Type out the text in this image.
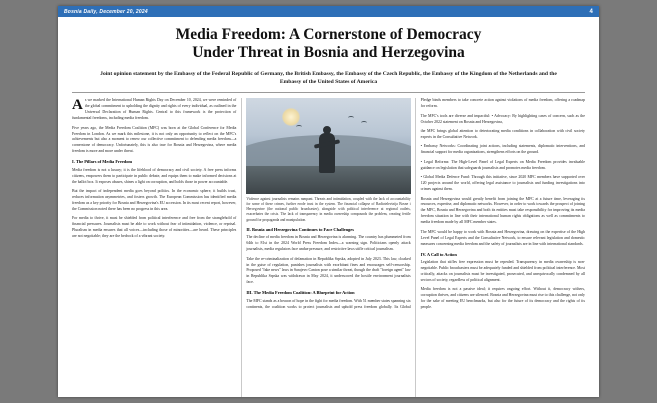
Bosnia Daily, December 20, 2024	4
Media Freedom: A Cornerstone of Democracy
Under Threat in Bosnia and Herzegovina
Joint opinion statement by the Embassy of the Federal Republic of Germany, the British Embassy, the Embassy of the Czech Republic, the Embassy of the Kingdom of the Netherlands and the Embassy of the United States of America

As we marked the International Human Rights Day on December 10, 2024, we were reminded of the global commitment to upholding the dignity and rights of every individual, as outlined in the Universal Declaration of Human Rights. Central to this framework is the protection of fundamental freedoms, including media freedom.

Five years ago, the Media Freedom Coalition (MFC) was born at the Global Conference for Media Freedom in London. As we mark this milestone, it is not only an opportunity to reflect on the MFC's achievements but also a moment to renew our collective commitment to defending media freedom—a cornerstone of democracy. Unfortunately, this is also true for Bosnia and Herzegovina, where media freedom is more and more under threat.

I. The Pillars of Media Freedom

Media freedom is not a luxury; it is the lifeblood of democracy and civil society. A free press informs citizens, empowers them to participate in public debate, and equips them to make informed decisions at the ballot box. It exposes abuses, shines a light on corruption, and holds those in power accountable.

But the impact of independent media goes beyond politics. In the economic sphere, it builds trust, reduces information asymmetries, and fosters growth. The European Commission has identified media freedom as a key priority for Bosnia and Herzegovina's EU accession. In its most recent report, however, the Commission noted there has been no progress in this area.

For media to thrive, it must be shielded from political interference and free from the stranglehold of financial pressures. Journalists must be able to work without fear of intimidation, violence, or reprisal. Pluralism in media ensures that all voices—including those of minorities—are heard. These principles are not negotiable; they are the bedrock of a vibrant society.

Violence against journalists remains rampant. Threats and intimidation, coupled with the lack of accountability for some of these crimes, further erode trust in the system. The financial collapse of Radiotelevizija Bosne i Hercegovine (the national public broadcaster), alongside with political interference at regional outlets, exacerbates the crisis. The lack of transparency in media ownership compounds the problem, creating fertile ground for propaganda and manipulation.
II. Bosnia and Herzegovina Continues to Face Challenges

The decline of media freedom in Bosnia and Herzegovina is alarming. The country has plummeted from 64th to 81st in the 2024 World Press Freedom Index—a warning sign. Politicians openly attack journalists, media regulators face undue pressure, and restrictive laws stifle critical journalism.

Take the re-criminalization of defamation in Republika Srpska, adopted in July 2023. This law, cloaked in the guise of regulation, punishes journalists with exorbitant fines and encourages self-censorship. Proposed "fake news" laws in Sarajevo Canton pose a similar threat, though the draft "foreign agent" law in Republika Srpska was withdrawn in May 2024, it underscored the hostile environment journalists face.

III. The Media Freedom Coalition: A Blueprint for Action

The MFC stands as a beacon of hope in the fight for media freedom. With 51 member states spanning six continents, the coalition works to protect journalists and uphold press freedom globally. Its Global Pledge binds members to take concrete action against violations of media freedom, offering a roadmap for reform.

The MFC's tools are diverse and impactful: • Advocacy: By highlighting cases of concern, such as the October 2022 statement on Bosnia and Herzegovina,

the MFC brings global attention to deteriorating media conditions in collaboration with civil society experts in the Consultative Network.

• Embassy Networks: Coordinating joint actions, including statements, diplomatic interventions, and financial support for media organizations, strengthens efforts on the ground.

• Legal Reforms: The High-Level Panel of Legal Experts on Media Freedom provides invaluable guidance on legislation that safeguards journalists and promotes media freedom.

• Global Media Defence Fund: Through this initiative, since 2020 MFC members have supported over 120 projects around the world, offering legal assistance to journalists and funding investigations into crimes against them.

Bosnia and Herzegovina would greatly benefit from joining the MFC at a future time, leveraging its resources, expertise, and diplomatic networks. However, in order to work towards the prospect of joining the MFC, Bosnia and Herzegovina and both its entities must take responsibility for improving its media freedom situation in line with their international human rights obligations as well as commitments to media freedom made by all MFC member states.

The MFC would be happy to work with Bosnia and Herzegovina, drawing on the expertise of the High Level Panel of Legal Experts and the Consultative Network, to ensure relevant legislation and domestic measures concerning media freedom and the safety of journalists are in line with international standards.

IV. A Call to Action

Legislation that stifles free expression must be repealed. Transparency in media ownership is non-negotiable. Public broadcasters must be adequately funded and shielded from political interference. Most critically, attacks on journalists must be investigated, prosecuted, and unequivocally condemned by all sectors of society, regardless of political alignment.

Media freedom is not a passive ideal; it requires ongoing effort. Without it, democracy withers, corruption thrives, and citizens are silenced. Bosnia and Herzegovina must rise to this challenge, not only for the sake of meeting EU benchmarks, but also for the future of its democracy and the rights of its people.
